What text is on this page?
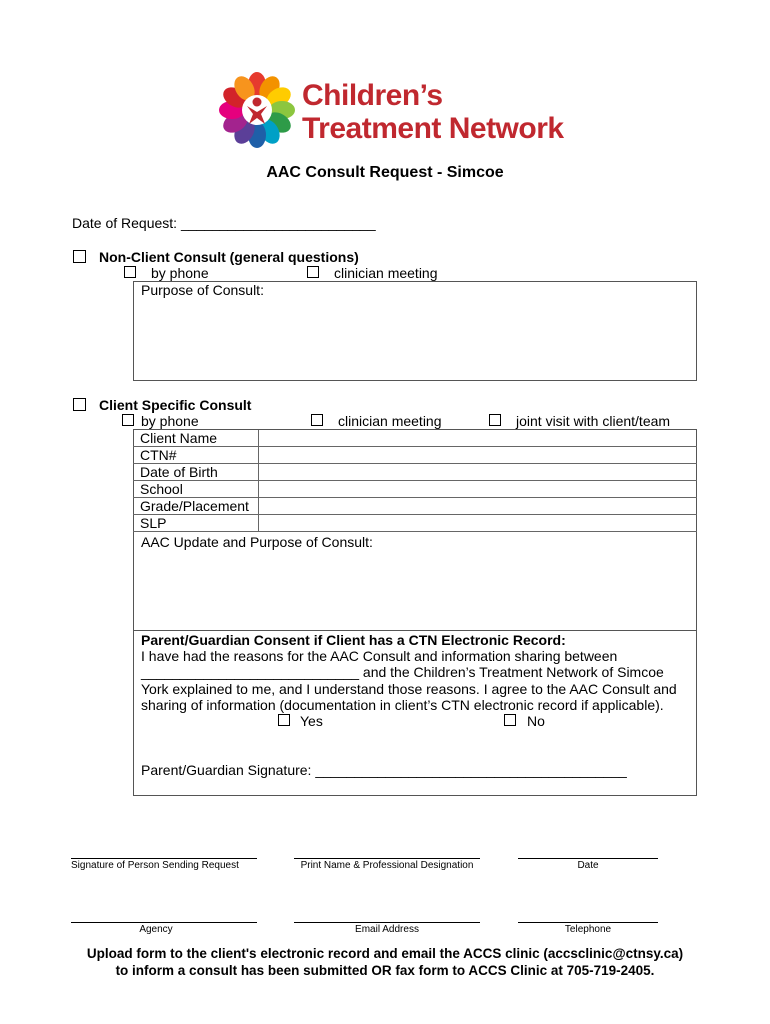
Children’s
Treatment Network
AAC Consult Request - Simcoe
Date of Request: _________________________
Non-Client Consult (general questions)
by phone	clinician meeting
Purpose of Consult:
Client Specific Consult
by phone	clinician meeting	joint visit with client/team
Client Name
CTN#
Date of Birth
School
Grade/Placement
SLP
AAC Update and Purpose of Consult:
Parent/Guardian Consent if Client has a CTN Electronic Record:
I have had the reasons for the AAC Consult and information sharing between
____________________________ and the Children’s Treatment Network of Simcoe
York explained to me, and I understand those reasons. I agree to the AAC Consult and
sharing of information (documentation in client’s CTN electronic record if applicable).
Yes	No
Parent/Guardian Signature: ________________________________________
Signature of Person Sending Request	Print Name & Professional Designation	Date
Agency	Email Address	Telephone
Upload form to the client's electronic record and email the ACCS clinic (accsclinic@ctnsy.ca)
to inform a consult has been submitted OR fax form to ACCS Clinic at 705-719-2405.
